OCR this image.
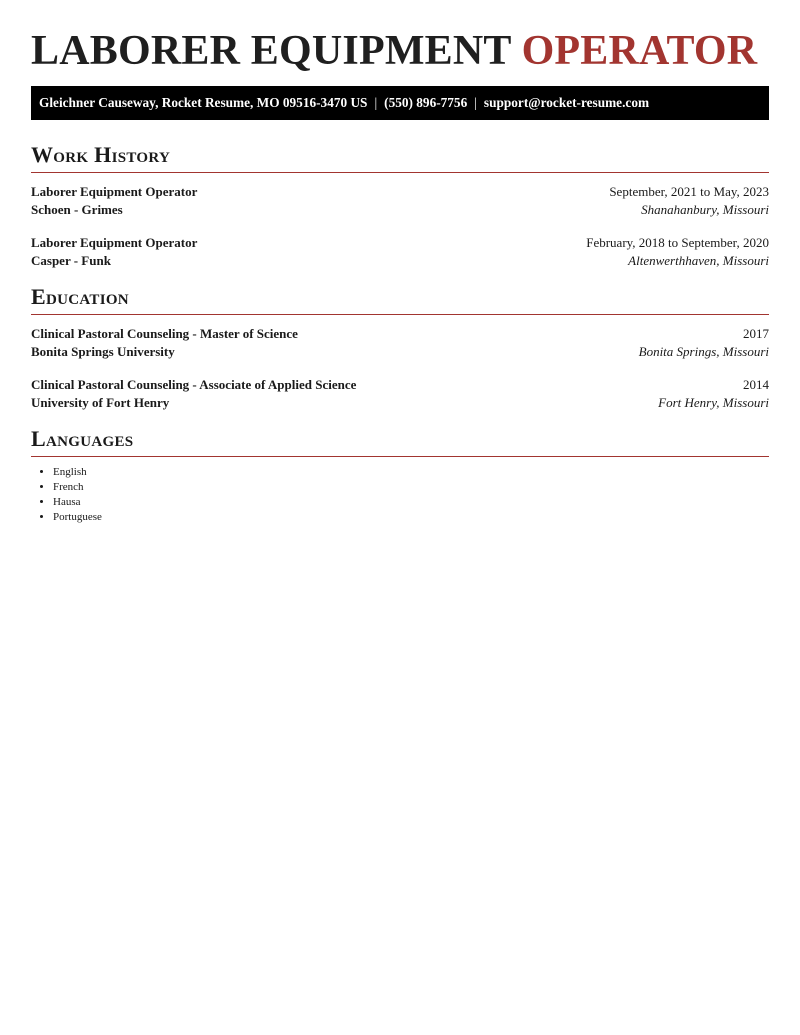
LABORER EQUIPMENT OPERATOR
Gleichner Causeway, Rocket Resume, MO 09516-3470 US | (550) 896-7756 | support@rocket-resume.com
Work History
Laborer Equipment Operator	September, 2021 to May, 2023
Schoen - Grimes	Shanahanbury, Missouri
Laborer Equipment Operator	February, 2018 to September, 2020
Casper - Funk	Altenwerthhaven, Missouri
Education
Clinical Pastoral Counseling - Master of Science	2017
Bonita Springs University	Bonita Springs, Missouri
Clinical Pastoral Counseling - Associate of Applied Science	2014
University of Fort Henry	Fort Henry, Missouri
Languages
• English
• French
• Hausa
• Portuguese
